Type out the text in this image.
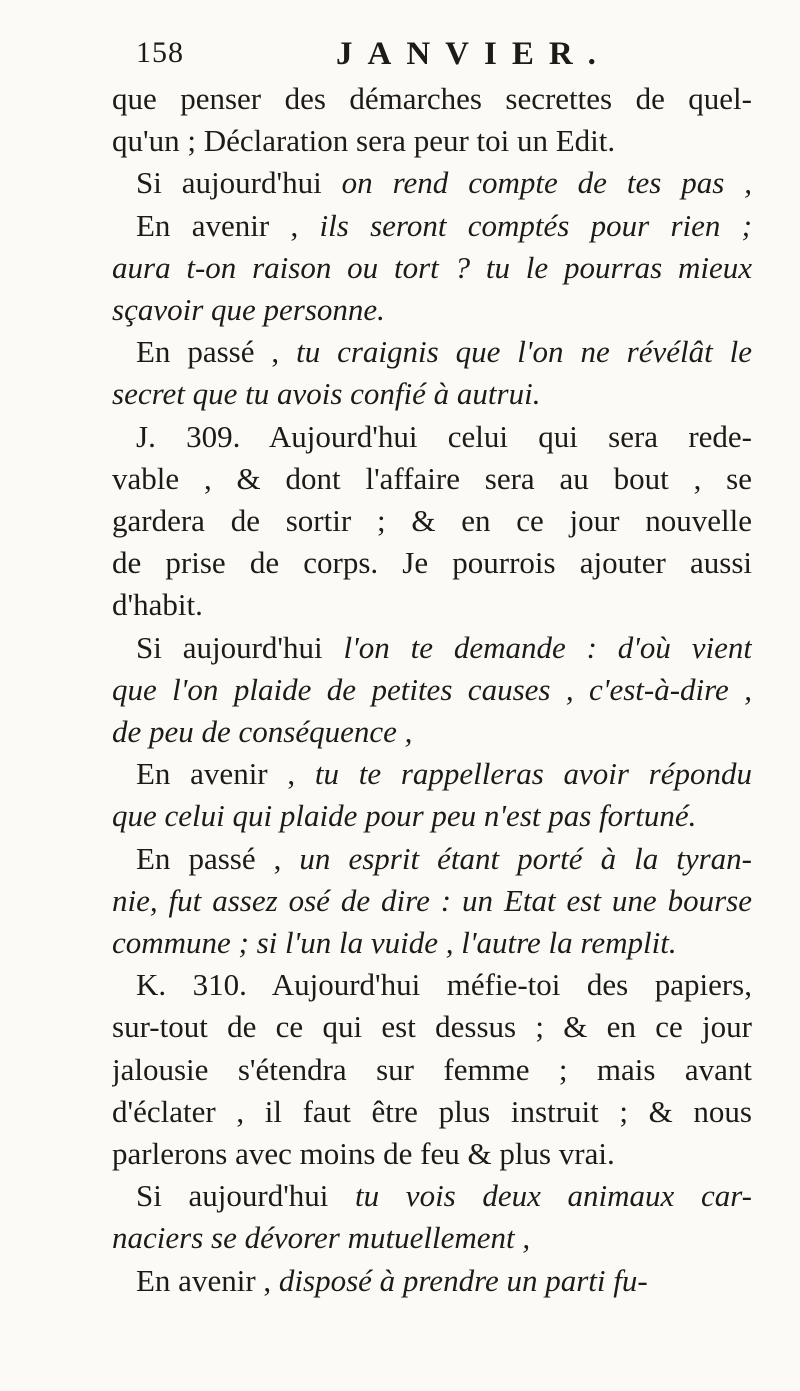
158	JANVIER.
que penser des démarches secrettes de quel-
qu'un ; Déclaration sera peur toi un Edit.
Si aujourd'hui on rend compte de tes pas ,
En avenir , ils seront comptés pour rien ;
aura t-on raison ou tort ? tu le pourras mieux
sçavoir que personne.
En passé , tu craignis que l'on ne révélât le
secret que tu avois confié à autrui.
J. 309. Aujourd'hui celui qui sera rede-
vable , & dont l'affaire sera au bout , se
gardera de sortir ; & en ce jour nouvelle
de prise de corps. Je pourrois ajouter aussi
d'habit.
Si aujourd'hui l'on te demande : d'où vient
que l'on plaide de petites causes , c'est-à-dire ,
de peu de conséquence ,
En avenir , tu te rappelleras avoir répondu
que celui qui plaide pour peu n'est pas fortuné.
En passé , un esprit étant porté à la tyran-
nie, fut assez osé de dire : un Etat est une bourse
commune ; si l'un la vuide , l'autre la remplit.
K. 310. Aujourd'hui méfie-toi des papiers,
sur-tout de ce qui est dessus ; & en ce jour
jalousie s'étendra sur femme ; mais avant
d'éclater , il faut être plus instruit ; & nous
parlerons avec moins de feu & plus vrai.
Si aujourd'hui tu vois deux animaux car-
naciers se dévorer mutuellement ,
En avenir , disposé à prendre un parti fu-
